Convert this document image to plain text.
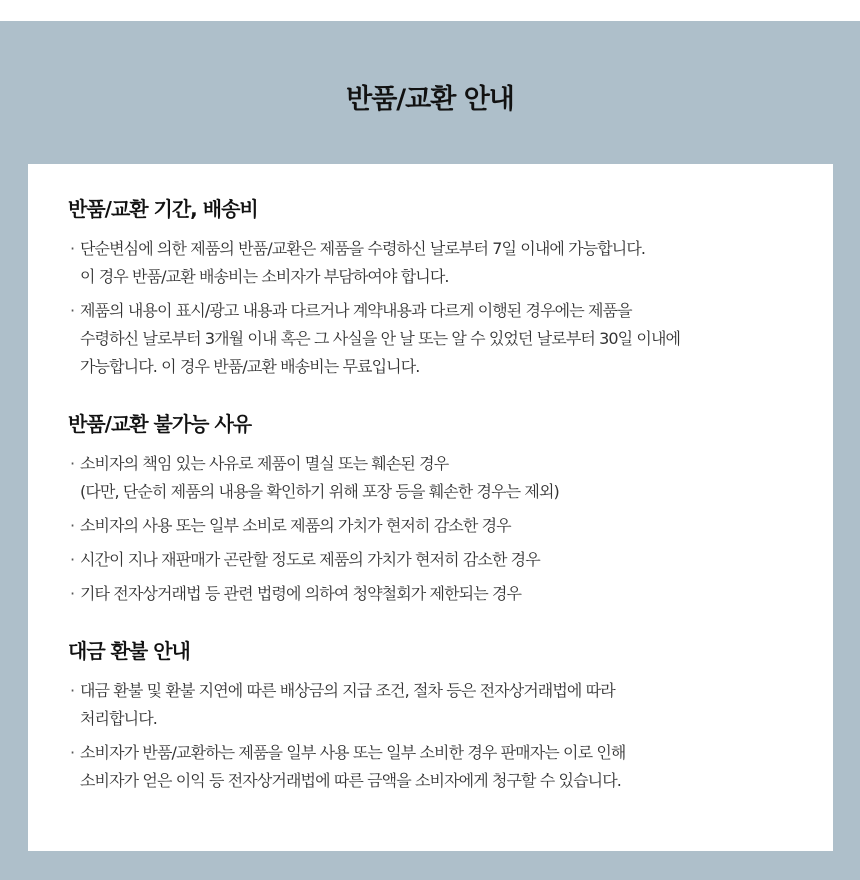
반품/교환 안내
반품/교환 기간, 배송비
· 단순변심에 의한 제품의 반품/교환은 제품을 수령하신 날로부터 7일 이내에 가능합니다.
이 경우 반품/교환 배송비는 소비자가 부담하여야 합니다.
· 제품의 내용이 표시/광고 내용과 다르거나 계약내용과 다르게 이행된 경우에는 제품을
수령하신 날로부터 3개월 이내 혹은 그 사실을 안 날 또는 알 수 있었던 날로부터 30일 이내에
가능합니다. 이 경우 반품/교환 배송비는 무료입니다.
반품/교환 불가능 사유
· 소비자의 책임 있는 사유로 제품이 멸실 또는 훼손된 경우
(다만, 단순히 제품의 내용을 확인하기 위해 포장 등을 훼손한 경우는 제외)
· 소비자의 사용 또는 일부 소비로 제품의 가치가 현저히 감소한 경우
· 시간이 지나 재판매가 곤란할 정도로 제품의 가치가 현저히 감소한 경우
· 기타 전자상거래법 등 관련 법령에 의하여 청약철회가 제한되는 경우
대금 환불 안내
· 대금 환불 및 환불 지연에 따른 배상금의 지급 조건, 절차 등은 전자상거래법에 따라
처리합니다.
· 소비자가 반품/교환하는 제품을 일부 사용 또는 일부 소비한 경우 판매자는 이로 인해
소비자가 얻은 이익 등 전자상거래법에 따른 금액을 소비자에게 청구할 수 있습니다.
